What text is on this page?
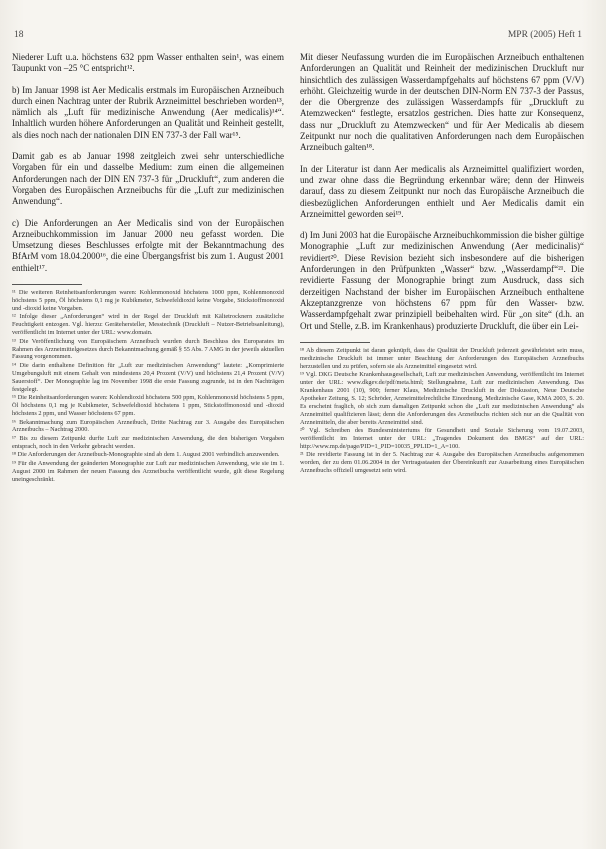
18	MPR (2005) Heft 1

Niederer Luft u.a. höchstens 632 ppm Wasser enthalten sein¹, was einem Taupunkt von –25 °C entspricht¹².

b) Im Januar 1998 ist Aer Medicalis erstmals im Europäischen Arzneibuch durch einen Nachtrag unter der Rubrik Arzneimittel beschrieben worden¹³, nämlich als „Luft für medizinische Anwendung (Aer medicalis)¹⁴“. Inhaltlich wurden höhere Anforderungen an Qualität und Reinheit gestellt, als dies noch nach der nationalen DIN EN 737-3 der Fall war¹⁵.

Damit gab es ab Januar 1998 zeitgleich zwei sehr unterschiedliche Vorgaben für ein und dasselbe Medium: zum einen die allgemeinen Anforderungen nach der DIN EN 737-3 für „Druckluft“, zum anderen die Vorgaben des Europäischen Arzneibuchs für die „Luft zur medizinischen Anwendung“.

c) Die Anforderungen an Aer Medicalis sind von der Europäischen Arzneibuchkommission im Januar 2000 neu gefasst worden. Die Umsetzung dieses Beschlusses erfolgte mit der Bekanntmachung des BfArM vom 18.04.2000¹⁶, die eine Übergangsfrist bis zum 1. August 2001 enthielt¹⁷.

¹¹ Die weiteren Reinheitsanforderungen waren: Kohlenmonoxid höchstens 1000 ppm, Kohlenmonoxid höchstens 5 ppm, Öl höchstens 0,1 mg je Kubikmeter, Schwefeldioxid keine Vorgabe, Stickstoffmonoxid und -dioxid keine Vorgaben.

¹² Infolge dieser „Anforderungen“ wird in der Regel der Druckluft mit Kältetrocknern zusätzliche Feuchtigkeit entzogen. Vgl. hierzu: Gerätehersteller, Messtechnik (Druckluft – Nutzer-Betriebsanleitung), veröffentlicht im Internet unter der URL: www.domain.

¹³ Die Veröffentlichung von Europäischem Arzneibuch wurden durch Beschluss des Europarates im Rahmen des Arzneimittelgesetzes durch Bekanntmachung gemäß § 55 Abs. 7 AMG in der jeweils aktuellen Fassung vorgenommen.

¹⁴ Die darin enthaltene Definition für „Luft zur medizinischen Anwendung“ lautete: „Komprimierte Umgebungsluft mit einem Gehalt von mindestens 20,4 Prozent (V/V) und höchstens 21,4 Prozent (V/V) Sauerstoff“. Der Monographie lag im November 1998 die erste Fassung zugrunde, ist in den Nachträgen festgelegt.

¹⁵ Die Reinheitsanforderungen waren: Kohlendioxid höchstens 500 ppm, Kohlenmonoxid höchstens 5 ppm, Öl höchstens 0,1 mg je Kubikmeter, Schwefeldioxid höchstens 1 ppm, Stickstoffmonoxid und -dioxid höchstens 2 ppm, und Wasser höchstens 67 ppm.

¹⁶ Bekanntmachung zum Europäischen Arzneibuch, Dritte Nachtrag zur 3. Ausgabe des Europäischen Arzneibuchs – Nachtrag 2000.

¹⁷ Bis zu diesem Zeitpunkt durfte Luft zur medizinischen Anwendung, die den bisherigen Vorgaben entsprach, noch in den Verkehr gebracht werden.

¹⁸ Die Anforderungen der Arzneibuch-Monographie sind ab dem 1. August 2001 verbindlich anzuwenden.

¹⁹ Für die Anwendung der geänderten Monographie zur Luft zur medizinischen Anwendung, wie sie im 1. August 2000 im Rahmen der neuen Fassung des Arzneibuchs veröffentlicht wurde, gilt diese Regelung uneingeschränkt.

Mit dieser Neufassung wurden die im Europäischen Arzneibuch enthaltenen Anforderungen an Qualität und Reinheit der medizinischen Druckluft nur hinsichtlich des zulässigen Wasserdampfgehalts auf höchstens 67 ppm (V/V) erhöht. Gleichzeitig wurde in der deutschen DIN-Norm EN 737-3 der Passus, der die Obergrenze des zulässigen Wasserdampfs für „Druckluft zu Atemzwecken“ festlegte, ersatzlos gestrichen. Dies hatte zur Konsequenz, dass nur „Druckluft zu Atemzwecken“ und für Aer Medicalis ab diesem Zeitpunkt nur noch die qualitativen Anforderungen nach dem Europäischen Arzneibuch galten¹⁸.

In der Literatur ist dann Aer medicalis als Arzneimittel qualifiziert worden, und zwar ohne dass die Begründung erkennbar wäre; denn der Hinweis darauf, dass zu diesem Zeitpunkt nur noch das Europäische Arzneibuch die diesbezüglichen Anforderungen enthielt und Aer Medicalis damit ein Arzneimittel geworden sei¹⁹.

d) Im Juni 2003 hat die Europäische Arzneibuchkommission die bisher gültige Monographie „Luft zur medizinischen Anwendung (Aer medicinalis)“ revidiert²⁰. Diese Revision bezieht sich insbesondere auf die bisherigen Anforderungen in den Prüfpunkten „Wasser“ bzw. „Wasserdampf“²¹. Die revidierte Fassung der Monographie bringt zum Ausdruck, dass sich derzeitigen Nachstand der bisher im Europäischen Arzneibuch enthaltene Akzeptanzgrenze von höchstens 67 ppm für den Wasser- bzw. Wasserdampfgehalt zwar prinzipiell beibehalten wird. Für „on site“ (d.h. an Ort und Stelle, z.B. im Krankenhaus) produzierte Druckluft, die über ein Lei-

¹⁸ Ab diesem Zeitpunkt ist daran geknüpft, dass die Qualität der Druckluft jederzeit gewährleistet sein muss, medizinische Druckluft ist immer unter Beachtung der Anforderungen des Europäischen Arzneibuchs herzustellen und zu prüfen, sofern sie als Arzneimittel eingesetzt wird.

¹⁹ Vgl. DKG Deutsche Krankenhausgesellschaft, Luft zur medizinischen Anwendung, veröffentlicht im Internet unter der URL: www.dkgev.de/pdf/meta.html; Stellungnahme, Luft zur medizinischen Anwendung. Das Krankenhaus 2001 (10), 900; ferner Klaus, Medizinische Druckluft in der Diskussion, Neue Deutsche Apotheker Zeitung, S. 12; Schröder, Arzneimittelrechtliche Einordnung, Medizinische Gase, KMA 2003, S. 20. Es erscheint fraglich, ob sich zum damaligen Zeitpunkt schon die „Luft zur medizinischen Anwendung“ als Arzneimittel qualifizieren lässt; denn die Anforderungen des Arzneibuchs richten sich nur an die Qualität von Arzneimitteln, die aber bereits Arzneimittel sind.

²⁰ Vgl. Schreiben des Bundesministeriums für Gesundheit und Soziale Sicherung vom 19.07.2003, veröffentlicht im Internet unter der URL: „Tragendes Dokument des BMGS“ auf der URL: http://www.mp.de/page/PID=1_PID=10035_PPLID=1_A=100.

²¹ Die revidierte Fassung ist in der 5. Nachtrag zur 4. Ausgabe des Europäischen Arzneibuchs aufgenommen worden, der zu dem 01.06.2004 in der Vertragsstaaten der Übereinkunft zur Ausarbeitung eines Europäischen Arzneibuchs offiziell umgesetzt sein wird.
